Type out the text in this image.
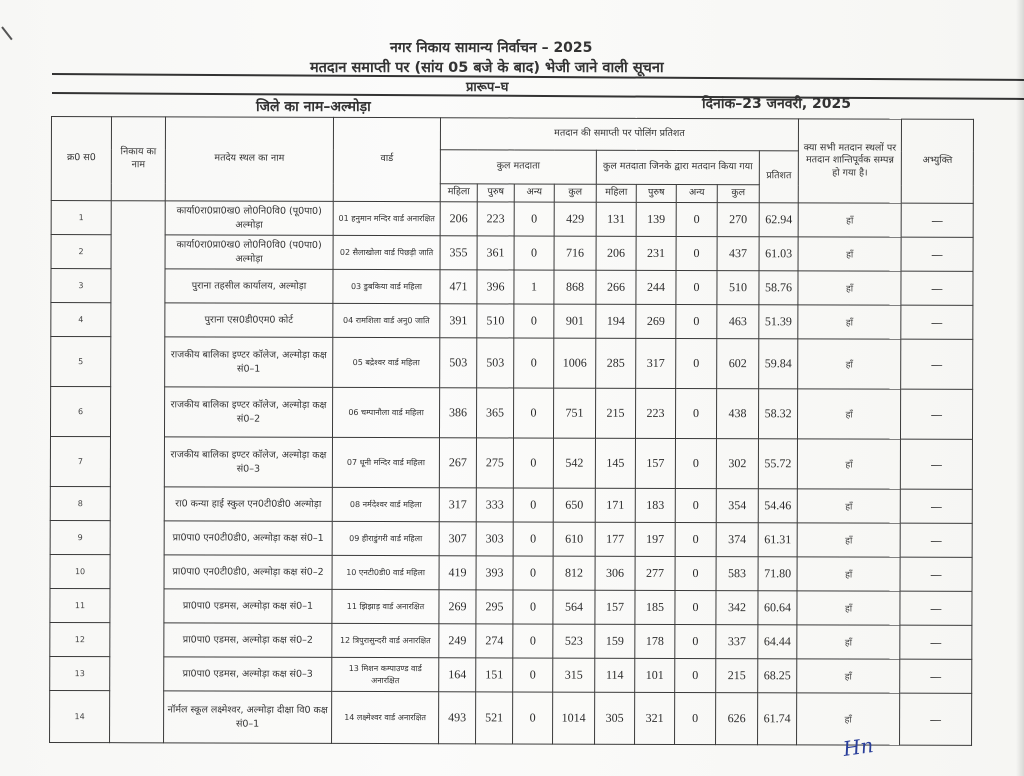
नगर निकाय सामान्य निर्वाचन – 2025
मतदान समाप्ती पर (सांय 05 बजे के बाद) भेजी जाने वाली सूचना
प्रारूप–घ
जिले का नाम–अल्मोड़ा	दिनांक–23 जनवरी, 2025
क्र0 स0	निकाय का नाम	मतदेय स्थल का नाम	वार्ड	मतदान की समाप्ती पर पोलिंग प्रतिशत									क्या सभी मतदान स्थलों पर मतदान शान्तिपूर्वक सम्पन्न हो गया है।	अभ्युक्ति
				कुल मतदाता				कुल मतदाता जिनके द्वारा मतदान किया गया				प्रतिशत		
				महिला	पुरुष	अन्य	कुल	महिला	पुरुष	अन्य	कुल			
1		कार्या0रा0प्रा0ख0 लो0नि0वि0 (पू0पा0) अल्मोड़ा	01 हनुमान मन्दिर वार्ड अनारक्षित	206	223	0	429	131	139	0	270	62.94	हाँ	—
2		कार्या0रा0प्रा0ख0 लो0नि0वि0 (प0पा0) अल्मोड़ा	02 सैलाखोला वार्ड पिछड़ी जाति	355	361	0	716	206	231	0	437	61.03	हाँ	—
3		पुराना तहसील कार्यालय, अल्मोड़ा	03 डुबकिया वार्ड महिला	471	396	1	868	266	244	0	510	58.76	हाँ	—
4		पुराना एस0डी0एम0 कोर्ट	04 रामशिला वार्ड अनु0 जाति	391	510	0	901	194	269	0	463	51.39	हाँ	—
5		राजकीय बालिका इण्टर कॉलेज, अल्मोड़ा कक्ष सं0–1	05 बद्रेश्वर वार्ड महिला	503	503	0	1006	285	317	0	602	59.84	हाँ	—
6		राजकीय बालिका इण्टर कॉलेज, अल्मोड़ा कक्ष सं0–2	06 चम्पानौला वार्ड महिला	386	365	0	751	215	223	0	438	58.32	हाँ	—
7		राजकीय बालिका इण्टर कॉलेज, अल्मोड़ा कक्ष सं0–3	07 धूनी मन्दिर वार्ड महिला	267	275	0	542	145	157	0	302	55.72	हाँ	—
8		रा0 कन्या हाई स्कुल एन0टी0डी0 अल्मोड़ा	08 नर्मदेश्वर वार्ड महिला	317	333	0	650	171	183	0	354	54.46	हाँ	—
9		प्रा0पा0 एन0टी0डी0, अल्मोड़ा कक्ष सं0–1	09 हीराडुंगरी वार्ड महिला	307	303	0	610	177	197	0	374	61.31	हाँ	—
10		प्रा0पा0 एन0टी0डी0, अल्मोड़ा कक्ष सं0–2	10 एनटी0डी0 वार्ड महिला	419	393	0	812	306	277	0	583	71.80	हाँ	—
11		प्रा0पा0 एडमस, अल्मोड़ा कक्ष सं0–1	11 झिझाड़ वार्ड अनारक्षित	269	295	0	564	157	185	0	342	60.64	हाँ	—
12		प्रा0पा0 एडमस, अल्मोड़ा कक्ष सं0–2	12 त्रिपुरासुन्दरी वार्ड अनारक्षित	249	274	0	523	159	178	0	337	64.44	हाँ	—
13		प्रा0पा0 एडमस, अल्मोड़ा कक्ष सं0–3	13 मिशन कम्पाउण्ड वार्ड अनारक्षित	164	151	0	315	114	101	0	215	68.25	हाँ	—
14		नॉर्मल स्कूल लक्ष्मेश्वर, अल्मोड़ा दीक्षा वि0 कक्ष सं0–1	14 लक्ष्मेश्वर वार्ड अनारक्षित	493	521	0	1014	305	321	0	626	61.74	हाँ	—
Hn
